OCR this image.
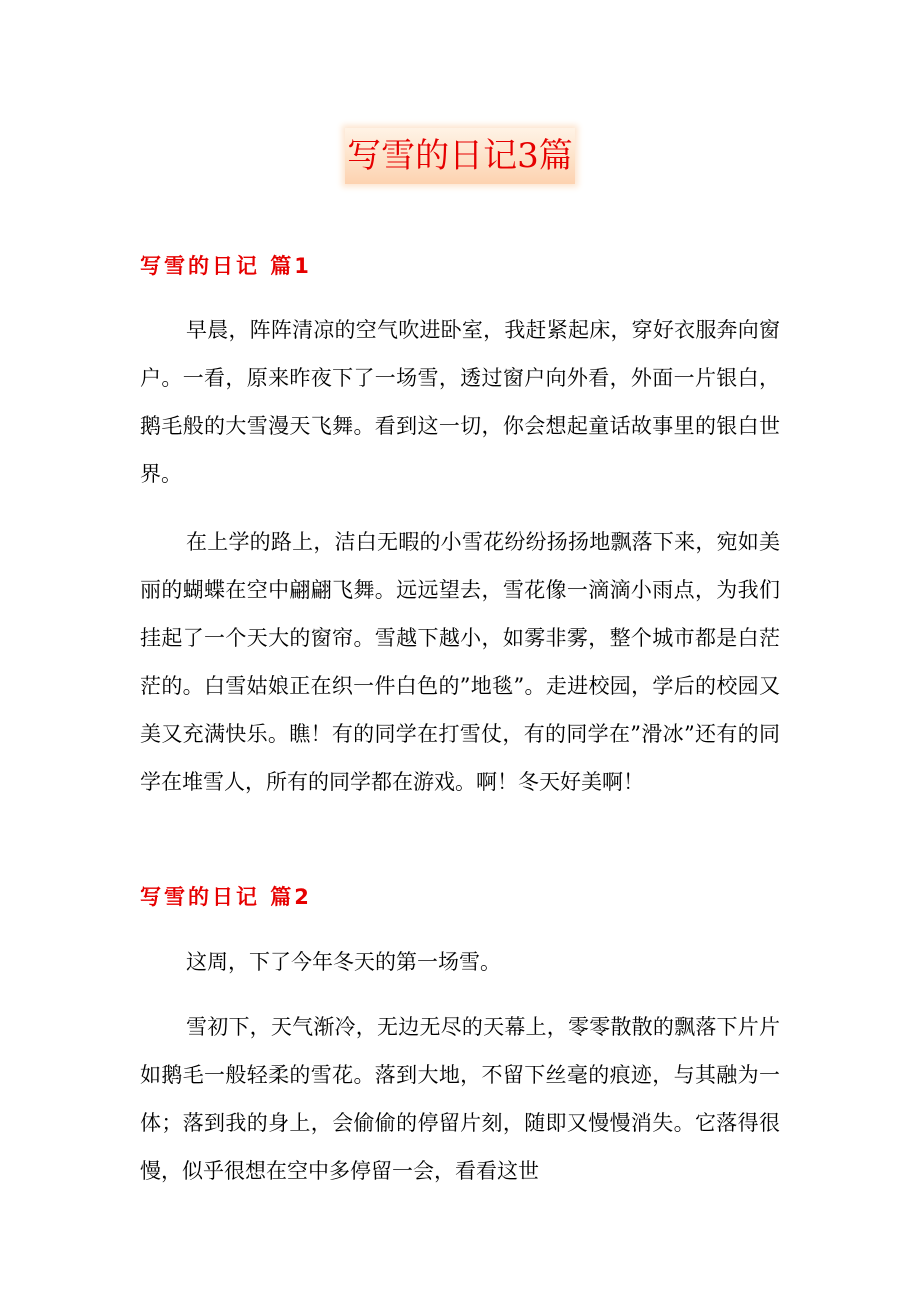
写雪的日记3篇
写雪的日记 篇1

早晨，阵阵清凉的空气吹进卧室，我赶紧起床，穿好衣服奔向窗户。一看，原来昨夜下了一场雪，透过窗户向外看，外面一片银白，鹅毛般的大雪漫天飞舞。看到这一切，你会想起童话故事里的银白世界。

在上学的路上，洁白无暇的小雪花纷纷扬扬地飘落下来，宛如美丽的蝴蝶在空中翩翩飞舞。远远望去，雪花像一滴滴小雨点，为我们挂起了一个天大的窗帘。雪越下越小，如雾非雾，整个城市都是白茫茫的。白雪姑娘正在织一件白色的”地毯”。走进校园，学后的校园又美又充满快乐。瞧！有的同学在打雪仗，有的同学在”滑冰”还有的同学在堆雪人，所有的同学都在游戏。啊！冬天好美啊！

写雪的日记 篇2

这周，下了今年冬天的第一场雪。

雪初下，天气渐冷，无边无尽的天幕上，零零散散的飘落下片片如鹅毛一般轻柔的雪花。落到大地，不留下丝毫的痕迹，与其融为一体；落到我的身上，会偷偷的停留片刻，随即又慢慢消失。它落得很慢，似乎很想在空中多停留一会，看看这世
